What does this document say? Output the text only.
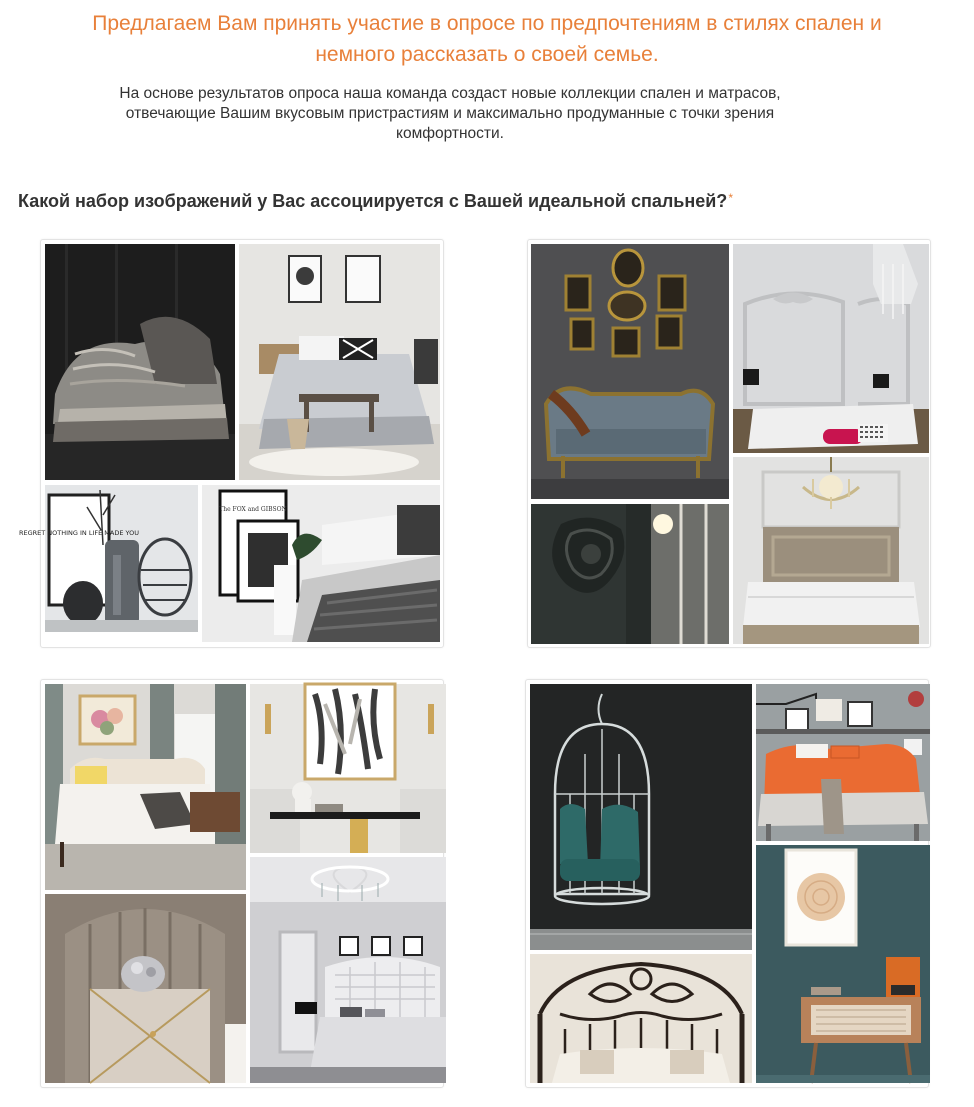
Предлагаем Вам принять участие в опросе по предпочтениям в стилях спален и
немного рассказать о своей семье.
На основе результатов опроса наша команда создаст новые коллекции спален и матрасов,
отвечающие Вашим вкусовым пристрастиям и максимально продуманные с точки зрения
комфортности.
Какой набор изображений у Вас ассоциируется с Вашей идеальной спальней?*
REGRET NOTHING IN LIFE MADE YOU
The FOX and GIBSON
